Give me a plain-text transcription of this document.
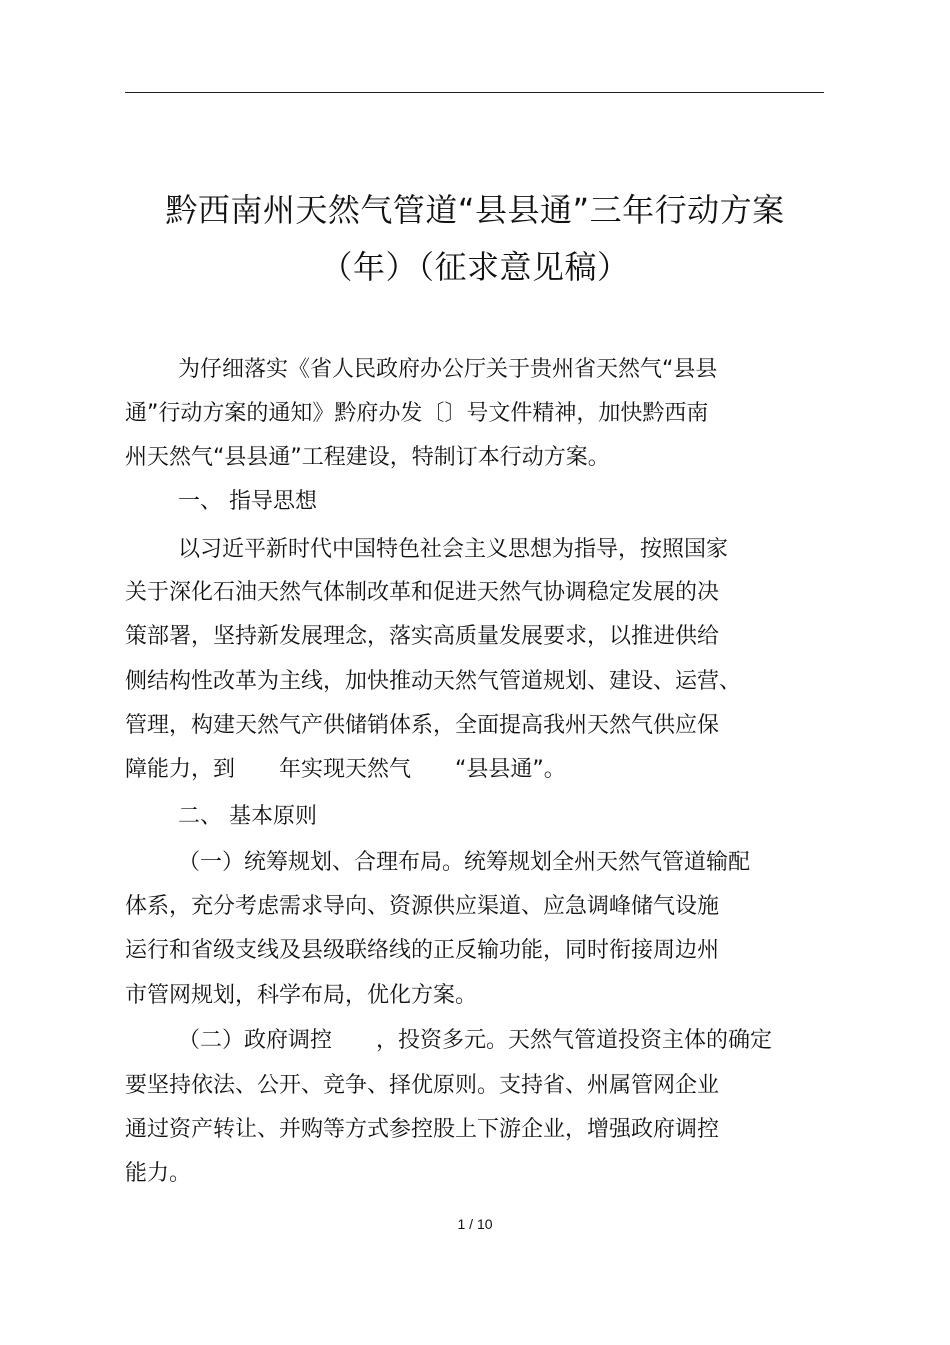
黔西南州天然气管道“县县通”三年行动方案
（年）（征求意见稿）
为仔细落实《省人民政府办公厅关于贵州省天然气“县县
通”行动方案的通知》黔府办发〔〕号文件精神，加快黔西南
州天然气“县县通”工程建设，特制订本行动方案。
一、 指导思想
以习近平新时代中国特色社会主义思想为指导，按照国家
关于深化石油天然气体制改革和促进天然气协调稳定发展的决
策部署，坚持新发展理念，落实高质量发展要求，以推进供给
侧结构性改革为主线，加快推动天然气管道规划、建设、运营、
管理，构建天然气产供储销体系，全面提高我州天然气供应保
障能力，到　　年实现天然气　　“县县通”。
二、 基本原则
（一）统筹规划、合理布局。统筹规划全州天然气管道输配
体系，充分考虑需求导向、资源供应渠道、应急调峰储气设施
运行和省级支线及县级联络线的正反输功能，同时衔接周边州
市管网规划，科学布局，优化方案。
（二）政府调控　　，投资多元。天然气管道投资主体的确定
要坚持依法、公开、竞争、择优原则。支持省、州属管网企业
通过资产转让、并购等方式参控股上下游企业，增强政府调控
能力。
1 / 10
